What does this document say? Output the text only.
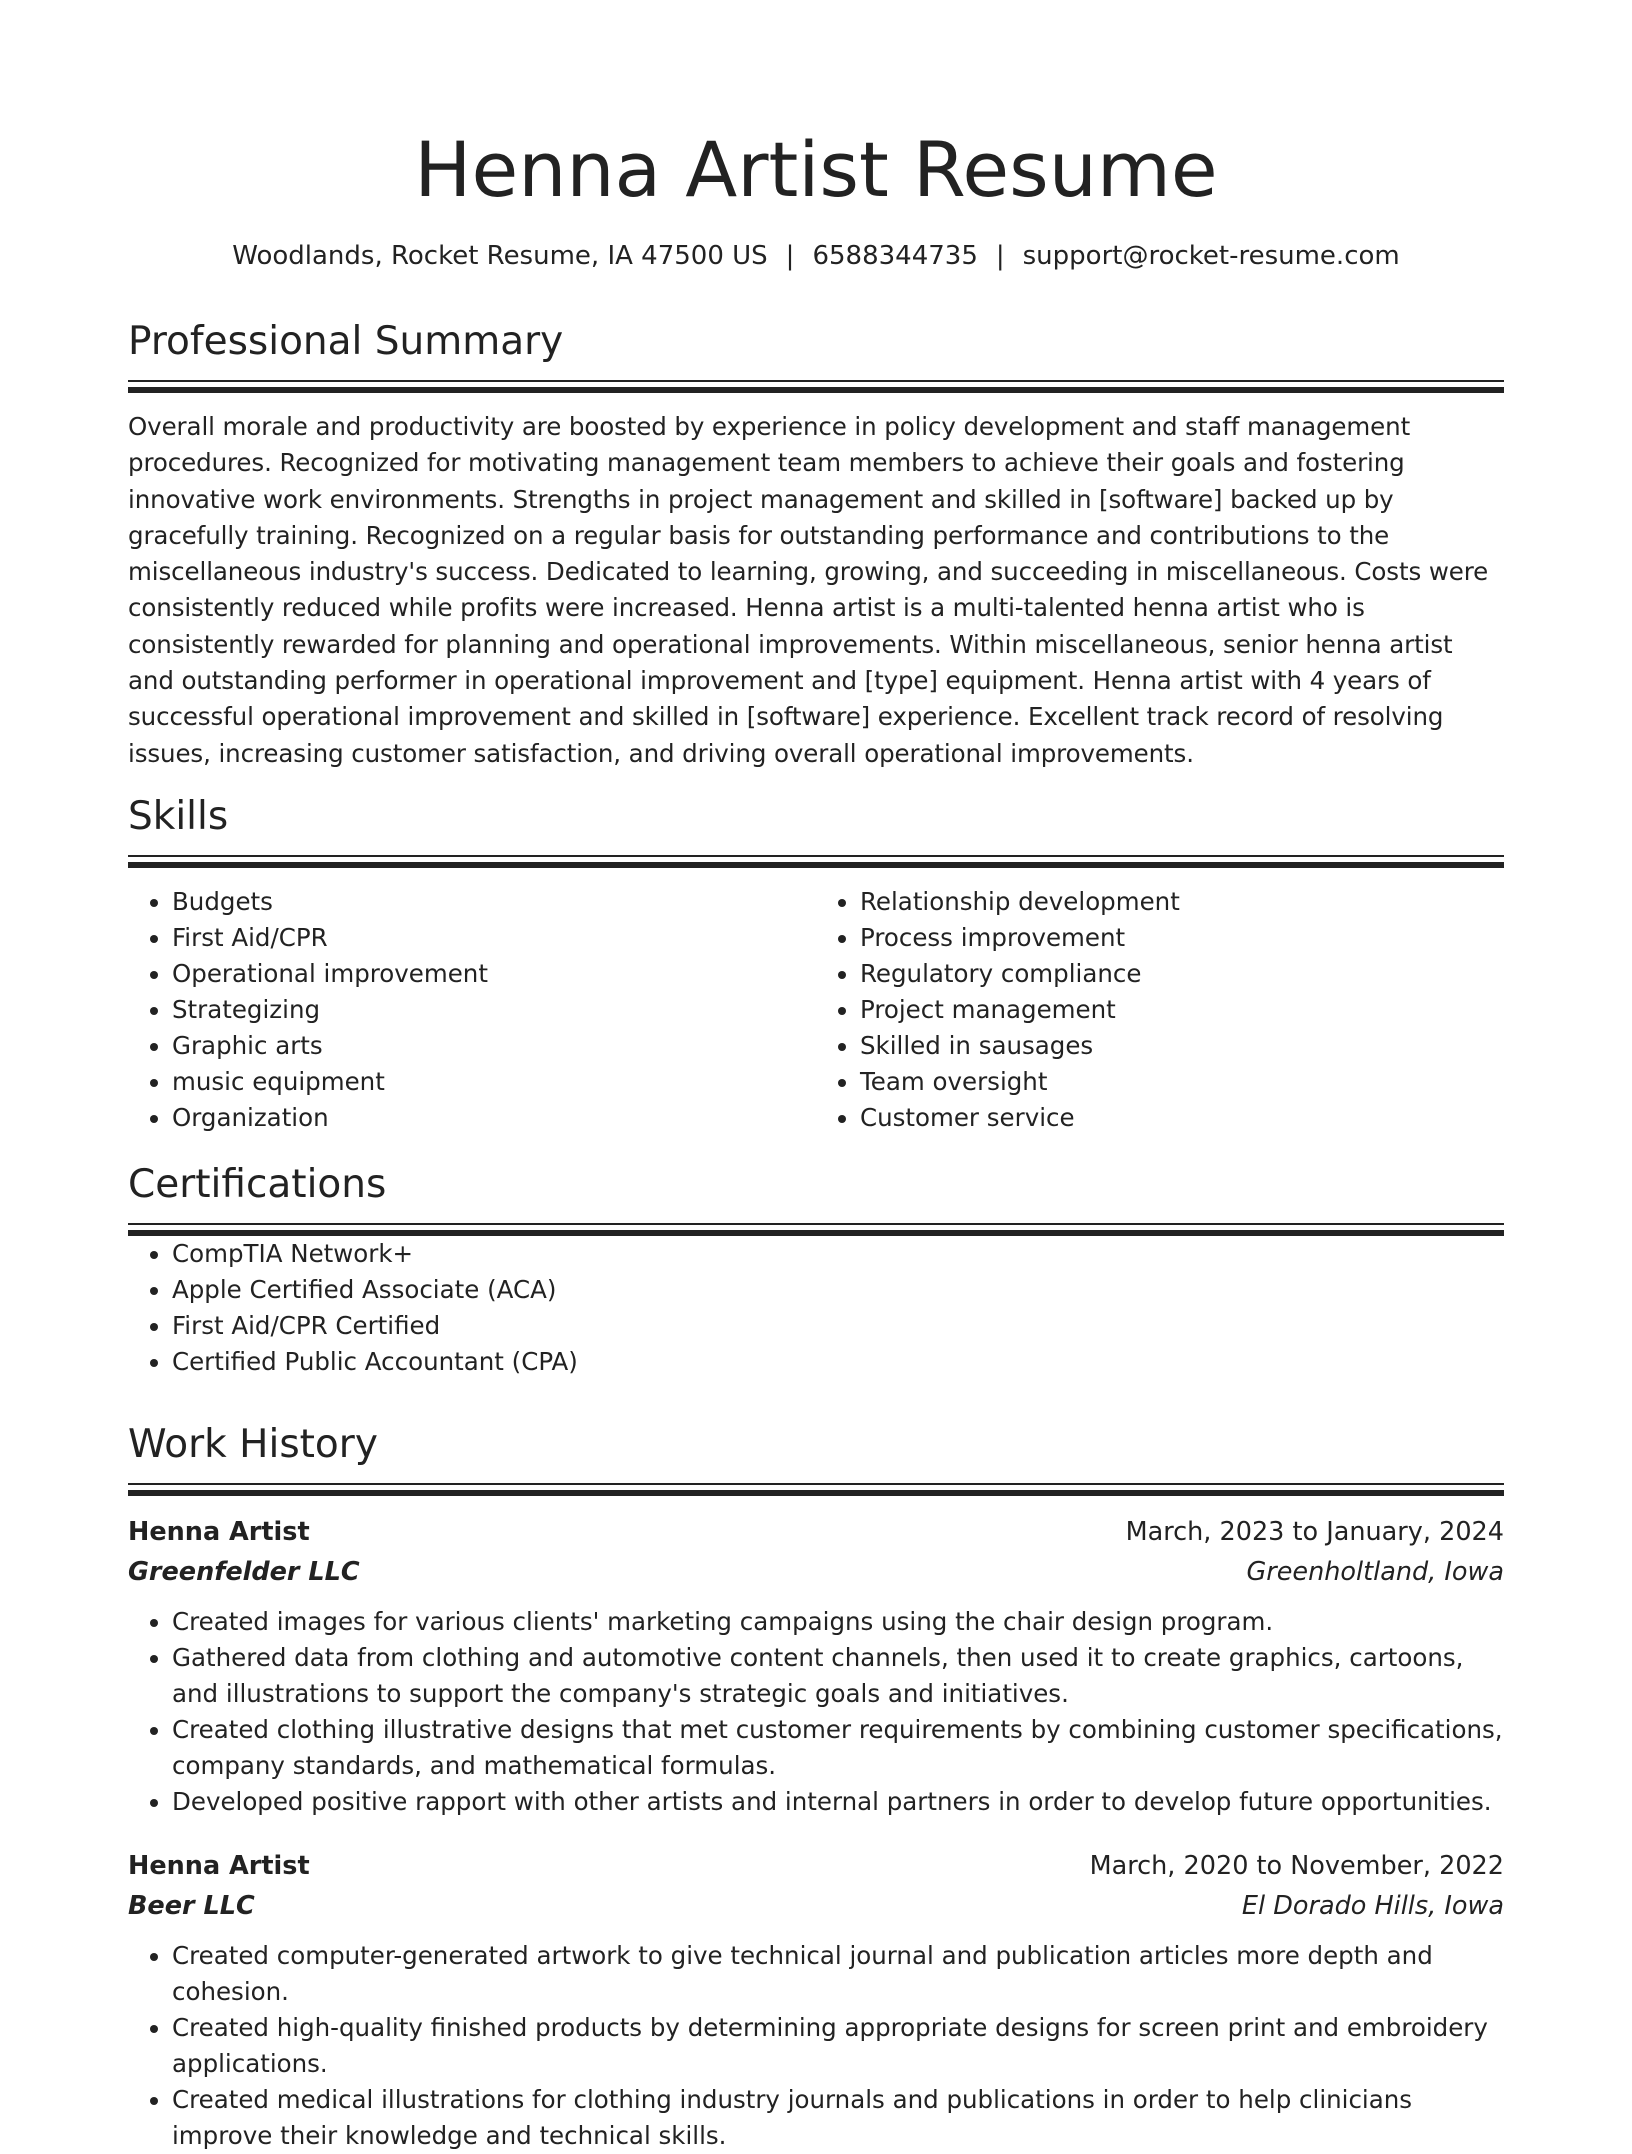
Henna Artist Resume
Woodlands, Rocket Resume, IA 47500 US | 6588344735 | support@rocket-resume.com
Professional Summary

Overall morale and productivity are boosted by experience in policy development and staff management procedures. Recognized for motivating management team members to achieve their goals and fostering innovative work environments. Strengths in project management and skilled in [software] backed up by gracefully training. Recognized on a regular basis for outstanding performance and contributions to the miscellaneous industry's success. Dedicated to learning, growing, and succeeding in miscellaneous. Costs were consistently reduced while profits were increased. Henna artist is a multi-talented henna artist who is consistently rewarded for planning and operational improvements. Within miscellaneous, senior henna artist and outstanding performer in operational improvement and [type] equipment. Henna artist with 4 years of successful operational improvement and skilled in [software] experience. Excellent track record of resolving issues, increasing customer satisfaction, and driving overall operational improvements.

Skills
• Budgets
• First Aid/CPR
• Operational improvement
• Strategizing
• Graphic arts
• music equipment
• Organization
• Relationship development
• Process improvement
• Regulatory compliance
• Project management
• Skilled in sausages
• Team oversight
• Customer service
Certifications
• CompTIA Network+
• Apple Certified Associate (ACA)
• First Aid/CPR Certified
• Certified Public Accountant (CPA)
Work History
Henna Artist	March, 2023 to January, 2024
Greenfelder LLC	Greenholtland, Iowa
• Created images for various clients' marketing campaigns using the chair design program.
• Gathered data from clothing and automotive content channels, then used it to create graphics, cartoons, and illustrations to support the company's strategic goals and initiatives.
• Created clothing illustrative designs that met customer requirements by combining customer specifications, company standards, and mathematical formulas.
• Developed positive rapport with other artists and internal partners in order to develop future opportunities.
Henna Artist	March, 2020 to November, 2022
Beer LLC	El Dorado Hills, Iowa
• Created computer-generated artwork to give technical journal and publication articles more depth and cohesion.
• Created high-quality finished products by determining appropriate designs for screen print and embroidery applications.
• Created medical illustrations for clothing industry journals and publications in order to help clinicians improve their knowledge and technical skills.
